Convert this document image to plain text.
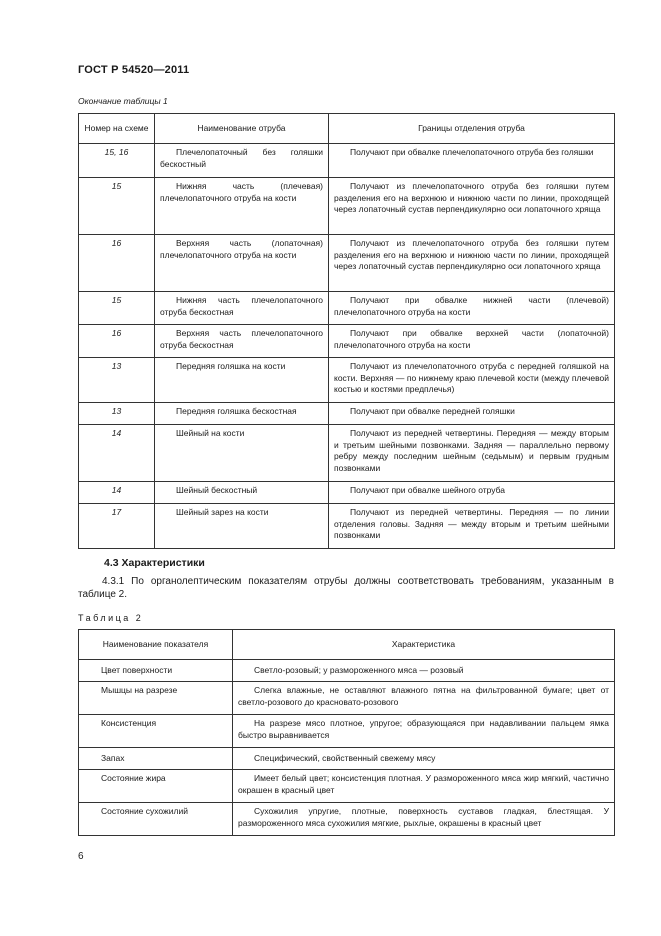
ГОСТ Р 54520—2011
Окончание таблицы 1
Номер на схеме	Наименование отруба	Границы отделения отруба
15, 16	Плечелопаточный без голяшки бескостный	Получают при обвалке плечелопаточного отруба без голяшки
15	Нижняя часть (плечевая) плечелопаточного отруба на кости	Получают из плечелопаточного отруба без голяшки путем разделения его на верхнюю и нижнюю части по линии, проходящей через лопаточный сустав перпендикулярно оси лопаточного хряща
16	Верхняя часть (лопаточная) плечелопаточного отруба на кости	Получают из плечелопаточного отруба без голяшки путем разделения его на верхнюю и нижнюю части по линии, проходящей через лопаточный сустав перпендикулярно оси лопаточного хряща
15	Нижняя часть плечелопаточного отруба бескостная	Получают при обвалке нижней части (плечевой) плечелопаточного отруба на кости
16	Верхняя часть плечелопаточного отруба бескостная	Получают при обвалке верхней части (лопаточной) плечелопаточного отруба на кости
13	Передняя голяшка на кости	Получают из плечелопаточного отруба с передней голяшкой на кости. Верхняя — по нижнему краю плечевой кости (между плечевой костью и костями предплечья)
13	Передняя голяшка бескостная	Получают при обвалке передней голяшки
14	Шейный на кости	Получают из передней четвертины. Передняя — между вторым и третьим шейными позвонками. Задняя — параллельно первому ребру между последним шейным (седьмым) и первым грудным позвонками
14	Шейный бескостный	Получают при обвалке шейного отруба
17	Шейный зарез на кости	Получают из передней четвертины. Передняя — по линии отделения головы. Задняя — между вторым и третьим шейными позвонками
4.3 Характеристики
4.3.1 По органолептическим показателям отрубы должны соответствовать требованиям, указанным в таблице 2.
Таблица 2
Наименование показателя	Характеристика
Цвет поверхности	Светло-розовый; у размороженного мяса — розовый
Мышцы на разрезе	Слегка влажные, не оставляют влажного пятна на фильтрованной бумаге; цвет от светло-розового до красновато-розового
Консистенция	На разрезе мясо плотное, упругое; образующаяся при надавливании пальцем ямка быстро выравнивается
Запах	Специфический, свойственный свежему мясу
Состояние жира	Имеет белый цвет; консистенция плотная. У размороженного мяса жир мягкий, частично окрашен в красный цвет
Состояние сухожилий	Сухожилия упругие, плотные, поверхность суставов гладкая, блестящая. У размороженного мяса сухожилия мягкие, рыхлые, окрашены в красный цвет
6
